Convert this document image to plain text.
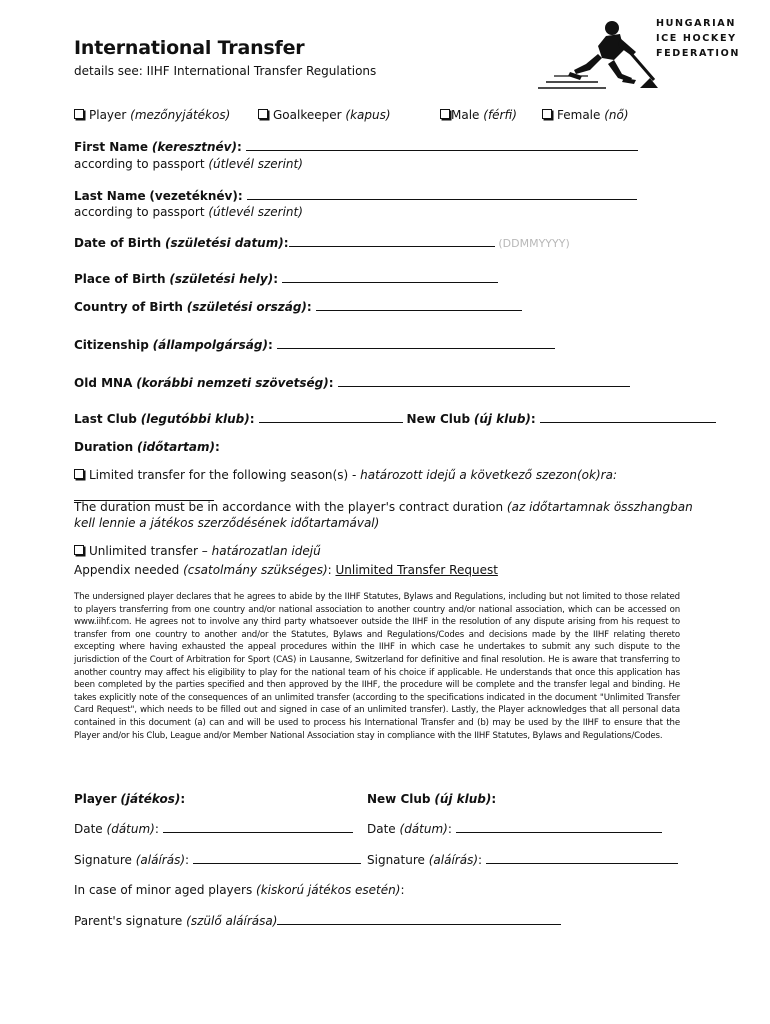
International Transfer
details see: IIHF International Transfer Regulations
HUNGARIAN
ICE HOCKEY
FEDERATION
Player (mezőnyjátékos)	Goalkeeper (kapus)	Male (férfi)	Female (nő)
First Name (keresztnév):
according to passport (útlevél szerint)
Last Name (vezetéknév):
according to passport (útlevél szerint)
Date of Birth (születési datum):	(DDMMYYYY)
Place of Birth (születési hely):
Country of Birth (születési ország):
Citizenship (állampolgárság):
Old MNA (korábbi nemzeti szövetség):
Last Club (legutóbbi klub):	New Club (új klub):
Duration (időtartam):
Limited transfer for the following season(s) - határozott idejű a következő szezon(ok)ra:
The duration must be in accordance with the player's contract duration (az időtartamnak összhangban
kell lennie a játékos szerződésének időtartamával)
Unlimited transfer – határozatlan idejű
Appendix needed (csatolmány szükséges): Unlimited Transfer Request
The undersigned player declares that he agrees to abide by the IIHF Statutes, Bylaws and Regulations, including but not limited to those related to players transferring from one country and/or national association to another country and/or national association, which can be accessed on www.iihf.com. He agrees not to involve any third party whatsoever outside the IIHF in the resolution of any dispute arising from his request to transfer from one country to another and/or the Statutes, Bylaws and Regulations/Codes and decisions made by the IIHF relating thereto excepting where having exhausted the appeal procedures within the IIHF in which case he undertakes to submit any such dispute to the jurisdiction of the Court of Arbitration for Sport (CAS) in Lausanne, Switzerland for definitive and final resolution. He is aware that transferring to another country may affect his eligibility to play for the national team of his choice if applicable. He understands that once this application has been completed by the parties specified and then approved by the IIHF, the procedure will be complete and the transfer legal and binding. He takes explicitly note of the consequences of an unlimited transfer (according to the specifications indicated in the document "Unlimited Transfer Card Request", which needs to be filled out and signed in case of an unlimited transfer). Lastly, the Player acknowledges that all personal data contained in this document (a) can and will be used to process his International Transfer and (b) may be used by the IIHF to ensure that the Player and/or his Club, League and/or Member National Association stay in compliance with the IIHF Statutes, Bylaws and Regulations/Codes.
Player (játékos):	New Club (új klub):
Date (dátum):	Date (dátum):
Signature (aláírás):	Signature (aláírás):
In case of minor aged players (kiskorú játékos esetén):
Parent's signature (szülő aláírása)
